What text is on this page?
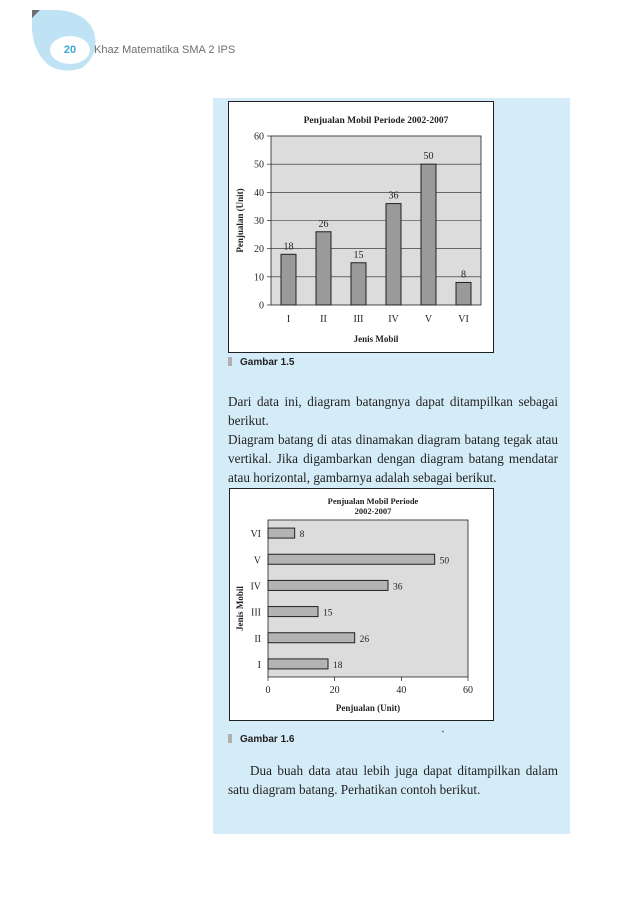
20	Khaz Matematika SMA 2 IPS
Penjualan Mobil Periode 2002-2007
0
10
20
30
40
50
60
18
I
26
II
15
III
36
IV
50
V
8
VI
Jenis Mobil
Penjualan (Unit)
Gambar 1.5
Dari data ini, diagram batangnya dapat ditampilkan sebagai berikut.
Diagram batang di atas dinamakan diagram batang tegak atau vertikal. Jika digambarkan dengan diagram batang mendatar atau horizontal, gambarnya adalah sebagai berikut.
Penjualan Mobil Periode
2002-2007
0	20	40	60
18
I
26
II
15
III
36
IV
50
V
8
VI
Penjualan (Unit)
Jenis Mobil
`
Gambar 1.6
Dua buah data atau lebih juga dapat ditampilkan dalam satu diagram batang. Perhatikan contoh berikut.
